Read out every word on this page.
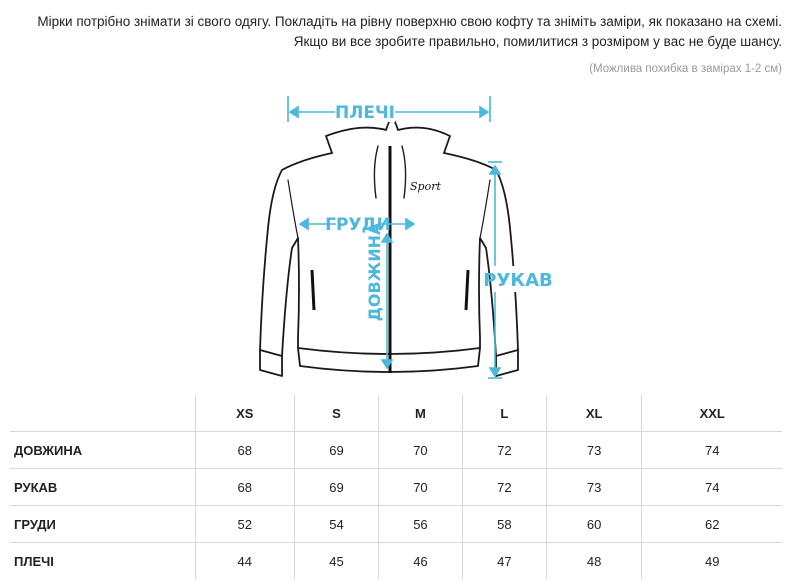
Мірки потрібно знімати зі свого одягу. Покладіть на рівну поверхню свою кофту та зніміть заміри, як показано на схемі.
Якщо ви все зробите правильно, помилитися з розміром у вас не буде шансу.
(Можлива похибка в замірах 1-2 см)
Sport
ПЛЕЧІ
ГРУДИ
ДОВЖИНА	РУКАВ
	XS	S	M	L	XL	XXL
ДОВЖИНА	68	69	70	72	73	74
РУКАВ	68	69	70	72	73	74
ГРУДИ	52	54	56	58	60	62
ПЛЕЧІ	44	45	46	47	48	49
